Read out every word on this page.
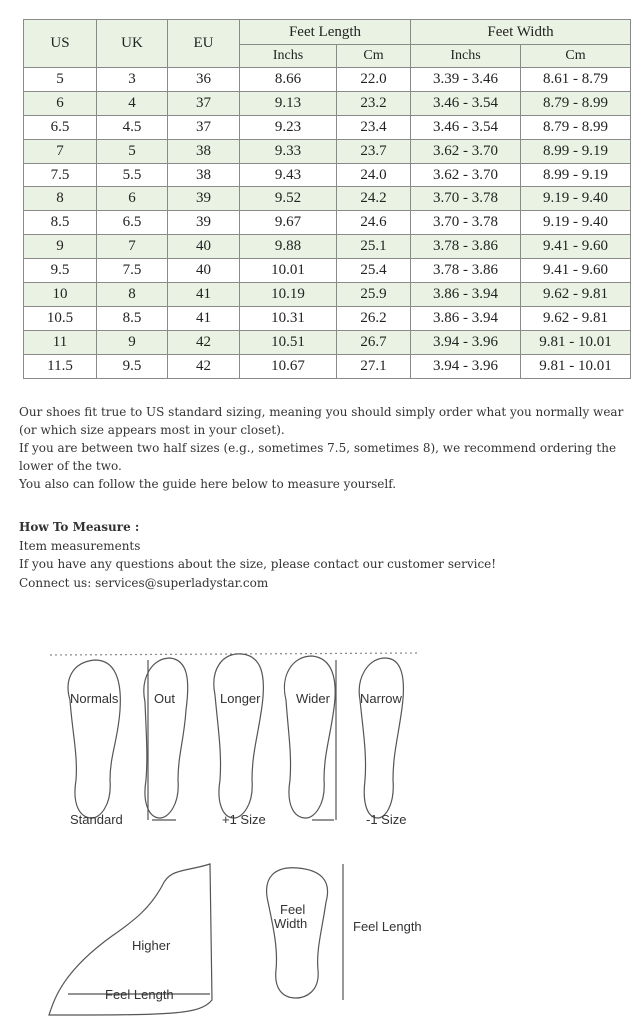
US	UK	EU	Feet Length		Feet Width	
			Inchs	Cm	Inchs	Cm
5	3	36	8.66	22.0	3.39 - 3.46	8.61 - 8.79
6	4	37	9.13	23.2	3.46 - 3.54	8.79 - 8.99
6.5	4.5	37	9.23	23.4	3.46 - 3.54	8.79 - 8.99
7	5	38	9.33	23.7	3.62 - 3.70	8.99 - 9.19
7.5	5.5	38	9.43	24.0	3.62 - 3.70	8.99 - 9.19
8	6	39	9.52	24.2	3.70 - 3.78	9.19 - 9.40
8.5	6.5	39	9.67	24.6	3.70 - 3.78	9.19 - 9.40
9	7	40	9.88	25.1	3.78 - 3.86	9.41 - 9.60
9.5	7.5	40	10.01	25.4	3.78 - 3.86	9.41 - 9.60
10	8	41	10.19	25.9	3.86 - 3.94	9.62 - 9.81
10.5	8.5	41	10.31	26.2	3.86 - 3.94	9.62 - 9.81
11	9	42	10.51	26.7	3.94 - 3.96	9.81 - 10.01
11.5	9.5	42	10.67	27.1	3.94 - 3.96	9.81 - 10.01

Our shoes fit true to US standard sizing, meaning you should simply order what you normally wear (or which size appears most in your closet).

If you are between two half sizes (e.g., sometimes 7.5, sometimes 8), we recommend ordering the lower of the two.

You also can follow the guide here below to measure yourself.

How To Measure :

Item measurements

If you have any questions about the size, please contact our customer service!

Connect us: services@superladystar.com

Normals	Out	Longer	Wider Narrow
Standard	+1 Size	-1 Size
Higher
Feel Length
Feel
Width	Feel Length
